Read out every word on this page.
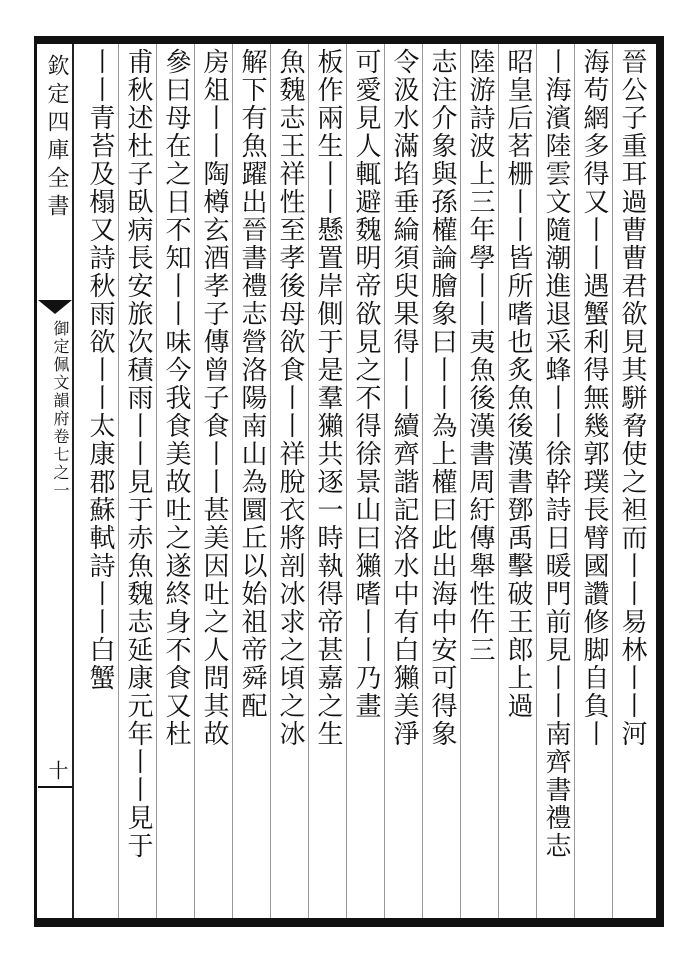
欽定四庫全書
御定佩文韻府卷七之一
十
晉公子重耳過曹曹君欲見其駢脅使之袒而丨丨易林丨丨河
海苟網多得又丨丨遇蟹利得無幾郭璞長臂國讚修脚自負丨
丨海濱陸雲文隨潮進退采蜂丨丨徐幹詩日暖門前見丨丨南齊書禮志
昭皇后茗栅丨丨皆所嗜也炙魚後漢書鄧禹擊破王郎上過
陸游詩波上三年學丨丨夷魚後漢書周紆傳舉性仵三
志注介象與孫權論膾象曰丨丨為上權曰此出海中安可得象
令汲水滿埳垂綸須臾果得丨丨續齊諧記洛水中有白獺美淨
可愛見人輒避魏明帝欲見之不得徐景山曰獺嗜丨丨乃畫
板作兩生丨丨懸置岸側于是羣獺共逐一時執得帝甚嘉之生
魚魏志王祥性至孝後母欲食丨丨祥脫衣將剖冰求之頃之冰
解下有魚躍出晉書禮志營洛陽南山為圜丘以始祖帝舜配
房俎丨丨陶樽玄酒孝子傳曾子食丨丨甚美因吐之人問其故
參曰母在之日不知丨丨味今我食美故吐之遂終身不食又杜
甫秋述杜子臥病長安旅次積雨丨丨見于赤魚魏志延康元年丨丨見于
丨丨青苔及榻又詩秋雨欲丨丨太康郡蘇軾詩丨丨白蟹
